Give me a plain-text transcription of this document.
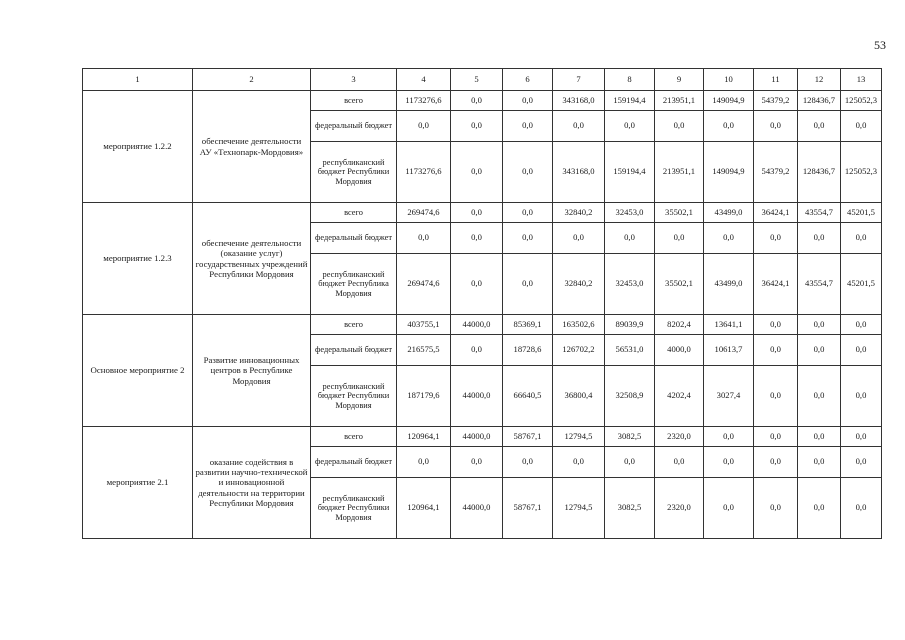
53
1	2	3	4	5	6	7	8	9	10	11	12	13
мероприятие 1.2.2	обеспечение деятельности АУ «Технопарк-Мордовия»	всего	1173276,6	0,0	0,0	343168,0	159194,4	213951,1	149094,9	54379,2	128436,7	125052,3
		федеральный бюджет	0,0	0,0	0,0	0,0	0,0	0,0	0,0	0,0	0,0	0,0
		республиканский бюджет Республики Мордовия	1173276,6	0,0	0,0	343168,0	159194,4	213951,1	149094,9	54379,2	128436,7	125052,3
мероприятие 1.2.3	обеспечение деятельности (оказание услуг) государственных учреждений Республики Мордовия	всего	269474,6	0,0	0,0	32840,2	32453,0	35502,1	43499,0	36424,1	43554,7	45201,5
		федеральный бюджет	0,0	0,0	0,0	0,0	0,0	0,0	0,0	0,0	0,0	0,0
		республиканский бюджет Республика Мордовия	269474,6	0,0	0,0	32840,2	32453,0	35502,1	43499,0	36424,1	43554,7	45201,5
Основное мероприятие 2	Развитие инновационных центров в Республике Мордовия	всего	403755,1	44000,0	85369,1	163502,6	89039,9	8202,4	13641,1	0,0	0,0	0,0
		федеральный бюджет	216575,5	0,0	18728,6	126702,2	56531,0	4000,0	10613,7	0,0	0,0	0,0
		республиканский бюджет Республики Мордовия	187179,6	44000,0	66640,5	36800,4	32508,9	4202,4	3027,4	0,0	0,0	0,0
мероприятие 2.1	оказание содействия в развитии научно-технической и инновационной деятельности на территории Республики Мордовия	всего	120964,1	44000,0	58767,1	12794,5	3082,5	2320,0	0,0	0,0	0,0	0,0
		федеральный бюджет	0,0	0,0	0,0	0,0	0,0	0,0	0,0	0,0	0,0	0,0
		республиканский бюджет Республики Мордовия	120964,1	44000,0	58767,1	12794,5	3082,5	2320,0	0,0	0,0	0,0	0,0
